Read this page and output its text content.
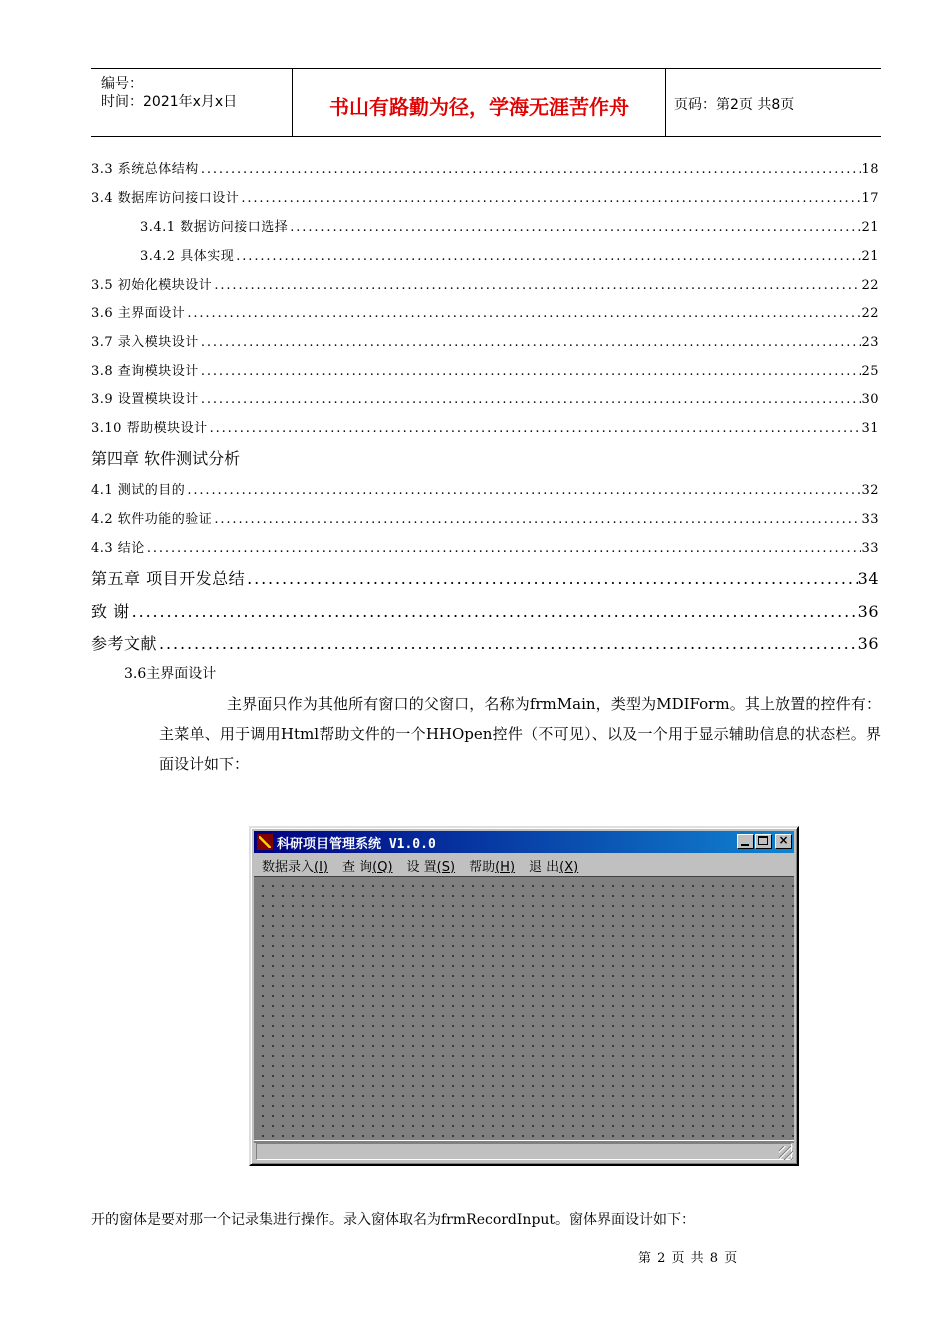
编号：
时间：2021年x月x日	书山有路勤为径，学海无涯苦作舟	页码：第2页 共8页
3.3 系统总体结构 .....	18
3.4 数据库访问接口设计 .....	17
3.4.1 数据访问接口选择 .....	21
3.4.2 具体实现 .....	21
3.5 初始化模块设计 .....	22
3.6 主界面设计 .....	22
3.7 录入模块设计 .....	23
3.8 查询模块设计 .....	25
3.9 设置模块设计 .....	30
3.10 帮助模块设计 .....	31
第四章 软件测试分析
4.1 测试的目的 .....	32
4.2 软件功能的验证 .....	33
4.3 结论 .....	33
第五章 项目开发总结 .....	34
致 谢 .....	36
参考文献 .....	36
3.6主界面设计
主界面只作为其他所有窗口的父窗口，名称为frmMain，类型为MDIForm。其上放置的控件有：主菜单、用于调用Html帮助文件的一个HHOpen控件（不可见）、以及一个用于显示辅助信息的状态栏。界面设计如下：
科研项目管理系统 V1.0.0	×
数据录入(I) 查 询(Q) 设 置(S) 帮助(H) 退 出(X)
开的窗体是要对那一个记录集进行操作。录入窗体取名为frmRecordInput。窗体界面设计如下：
第 2 页 共 8 页
